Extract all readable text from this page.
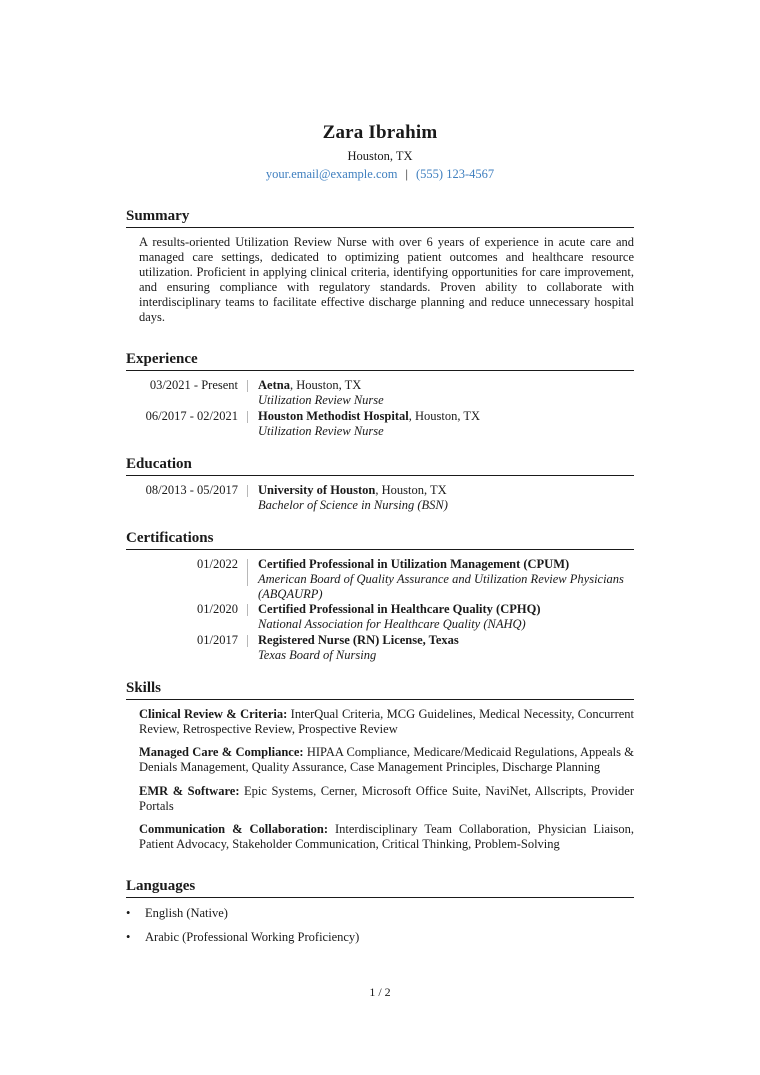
Zara Ibrahim
Houston, TX
your.email@example.com | (555) 123-4567
Summary
A results-oriented Utilization Review Nurse with over 6 years of experience in acute care and managed care settings, dedicated to optimizing patient outcomes and healthcare resource utilization. Proficient in applying clinical criteria, identifying opportunities for care improvement, and ensuring compliance with regulatory standards. Proven ability to collaborate with interdisciplinary teams to facilitate effective discharge planning and reduce unnecessary hospital days.
Experience
03/2021 - Present Aetna, Houston, TX
Utilization Review Nurse
06/2017 - 02/2021 Houston Methodist Hospital, Houston, TX
Utilization Review Nurse
Education
08/2013 - 05/2017 University of Houston, Houston, TX
Bachelor of Science in Nursing (BSN)
Certifications
01/2022 Certified Professional in Utilization Management (CPUM)
American Board of Quality Assurance and Utilization Review Physicians (ABQAURP)
01/2020 Certified Professional in Healthcare Quality (CPHQ)
National Association for Healthcare Quality (NAHQ)
01/2017 Registered Nurse (RN) License, Texas
Texas Board of Nursing
Skills
Clinical Review & Criteria: InterQual Criteria, MCG Guidelines, Medical Necessity, Concurrent Review, Retrospective Review, Prospective Review
Managed Care & Compliance: HIPAA Compliance, Medicare/Medicaid Regulations, Appeals & Denials Management, Quality Assurance, Case Management Principles, Discharge Planning
EMR & Software: Epic Systems, Cerner, Microsoft Office Suite, NaviNet, Allscripts, Provider Portals
Communication & Collaboration: Interdisciplinary Team Collaboration, Physician Liaison, Patient Advocacy, Stakeholder Communication, Critical Thinking, Problem-Solving
Languages
• English (Native)
• Arabic (Professional Working Proficiency)
1 / 2
